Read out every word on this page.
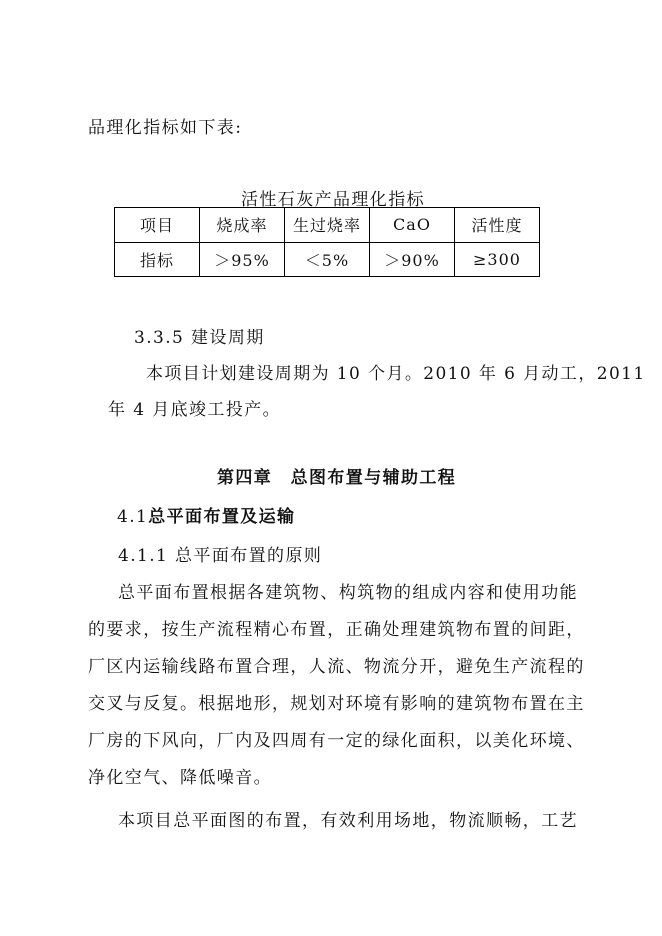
品理化指标如下表:
活性石灰产品理化指标
项目	烧成率	生过烧率	CaO	活性度
指标	＞95%	＜5%	＞90%	≥300
3.3.5 建设周期
本项目计划建设周期为 10 个月。2010 年 6 月动工，2011
年 4 月底竣工投产。
第四章　总图布置与辅助工程
4.1总平面布置及运输
4.1.1 总平面布置的原则
总平面布置根据各建筑物、构筑物的组成内容和使用功能
的要求，按生产流程精心布置，正确处理建筑物布置的间距，
厂区内运输线路布置合理，人流、物流分开，避免生产流程的
交叉与反复。根据地形，规划对环境有影响的建筑物布置在主
厂房的下风向，厂内及四周有一定的绿化面积，以美化环境、
净化空气、降低噪音。
本项目总平面图的布置，有效利用场地，物流顺畅，工艺
